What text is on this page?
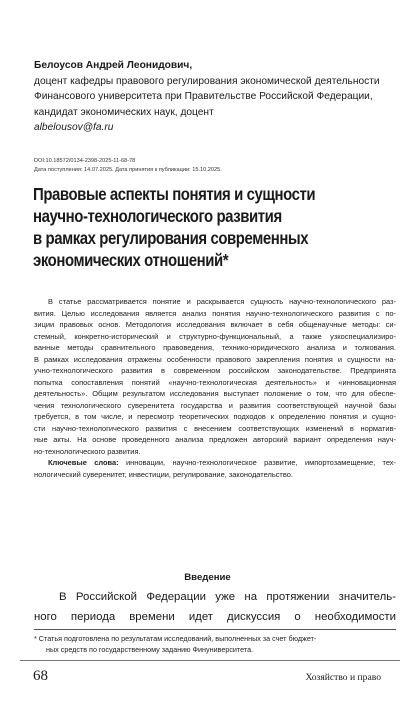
Белоусов Андрей Леонидович,
доцент кафедры правового регулирования экономической деятельности
Финансового университета при Правительстве Российской Федерации,
кандидат экономических наук, доцент
albelousov@fa.ru
DOI:10.18572/0134-2398-2025-11-68-78
Дата поступления: 14.07.2025. Дата принятия к публикации: 15.10.2025.
Правовые аспекты понятия и сущности
научно-технологического развития
в рамках регулирования современных
экономических отношений*
В статье рассматривается понятие и раскрывается сущность научно-технологического раз-
вития. Целью исследования является анализ понятия научно-технологического развития с по-
зиции правовых основ. Методология исследования включает в себя общенаучные методы: си-
стемный, конкретно-исторический и структурно-функциональный, а также узкоспециализиро-
ванные методы сравнительного правоведения, технико-юридического анализа и толкования.
В рамках исследования отражены особенности правового закрепления понятия и сущности на-
учно-технологического развития в современном российском законодательстве. Предпринята
попытка сопоставления понятий «научно-технологическая деятельность» и «инновационная
деятельность». Общим результатом исследования выступает положение о том, что для обеспе-
чения технологического суверенитета государства и развития соответствующей научной базы
требуется, в том числе, и пересмотр теоретических подходов к определению понятия и сущно-
сти научно-технологического развития с внесением соответствующих изменений в норматив-
ные акты. На основе проведенного анализа предложен авторский вариант определения науч-
но-технологического развития.
Ключевые слова: инновации, научно-технологическое развитие, импортозамещение, тех-
нологический суверенитет, инвестиции, регулирование, законодательство.
Введение
В Российской Федерации уже на протяжении значитель-
ного периода времени идет дискуссия о необходимости
* Статья подготовлена по результатам исследований, выполненных за счет бюджет-
ных средств по государственному заданию Финуниверситета.
68	Хозяйство и право
